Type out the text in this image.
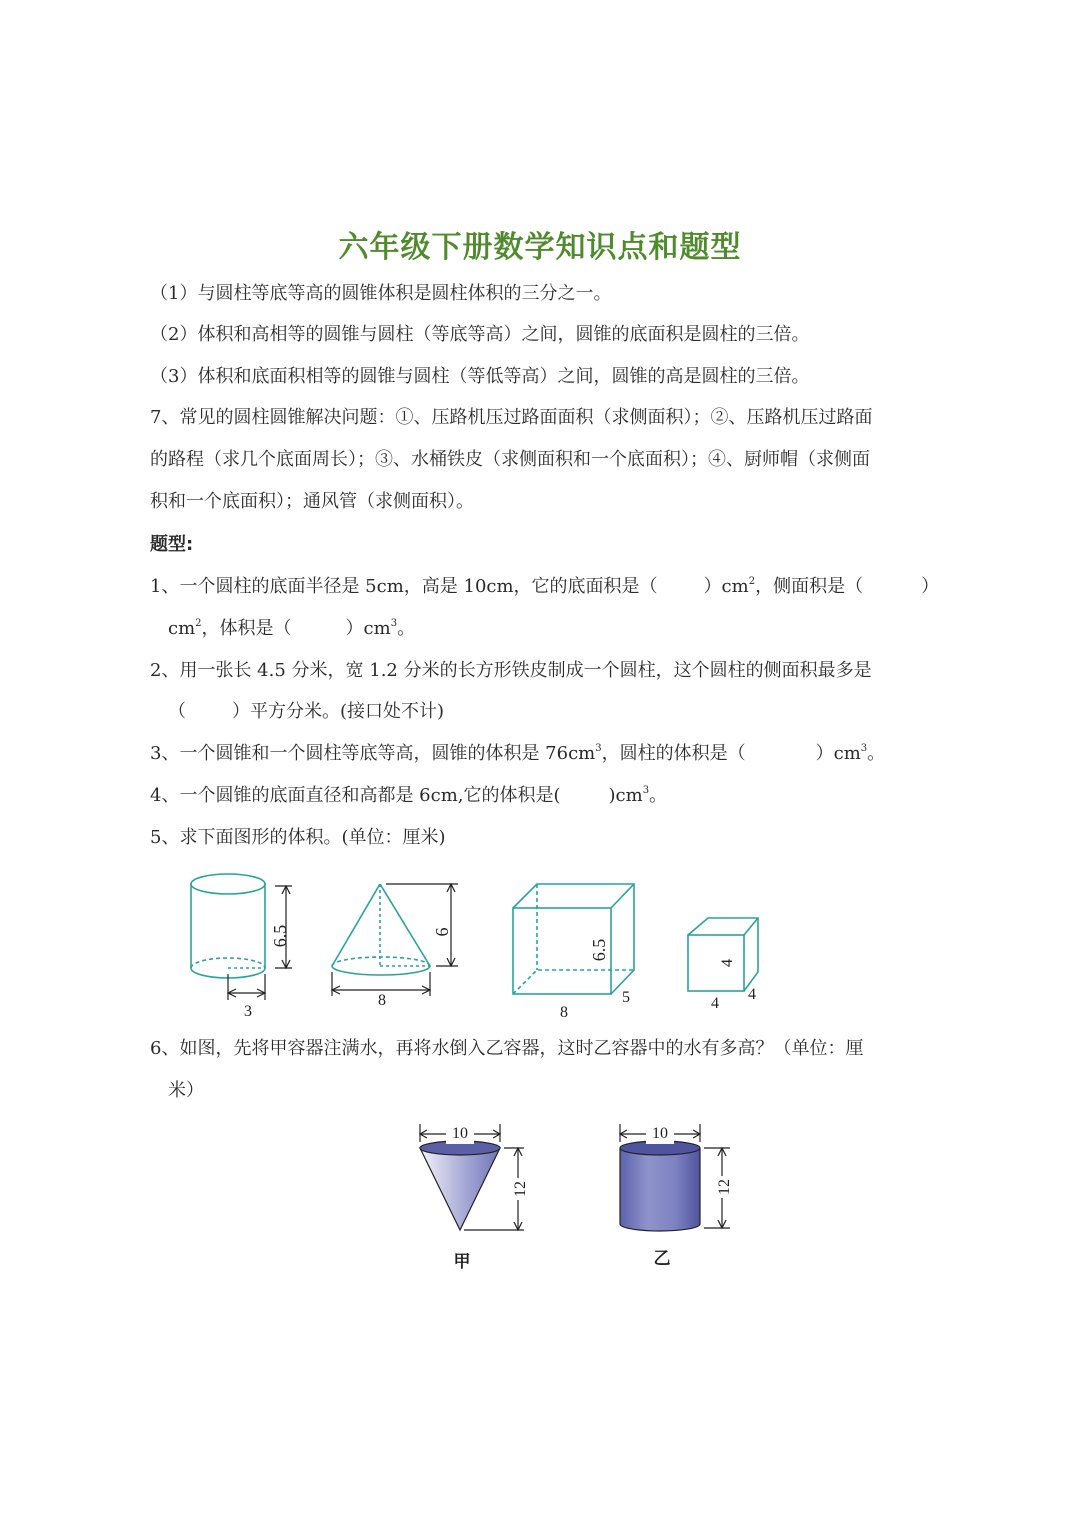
六年级下册数学知识点和题型
（1）与圆柱等底等高的圆锥体积是圆柱体积的三分之一。
（2）体积和高相等的圆锥与圆柱（等底等高）之间，圆锥的底面积是圆柱的三倍。
（3）体积和底面积相等的圆锥与圆柱（等低等高）之间，圆锥的高是圆柱的三倍。
7、常见的圆柱圆锥解决问题：①、压路机压过路面面积（求侧面积）；②、压路机压过路面
的路程（求几个底面周长）；③、水桶铁皮（求侧面积和一个底面积）；④、厨师帽（求侧面
积和一个底面积）；通风管（求侧面积）。
题型:
1、一个圆柱的底面半径是 5cm，高是 10cm，它的底面积是（	）$cm^2$，侧面积是（	）
$cm^2$，体积是（	）$cm^3$。
2、用一张长 4.5 分米，宽 1.2 分米的长方形铁皮制成一个圆柱，这个圆柱的侧面积最多是
（	）平方分米。(接口处不计)
3、一个圆锥和一个圆柱等底等高，圆锥的体积是 $76cm^3$，圆柱的体积是（	）$cm^3$。
4、一个圆锥的底面直径和高都是 6cm,它的体积是(	)$cm^3$。
5、求下面图形的体积。(单位：厘米)
6.5
3
6
8
6.5
8
5
4
4
4
6、如图，先将甲容器注满水，再将水倒入乙容器，这时乙容器中的水有多高？（单位：厘
米）
10
12
甲
10
12
乙
